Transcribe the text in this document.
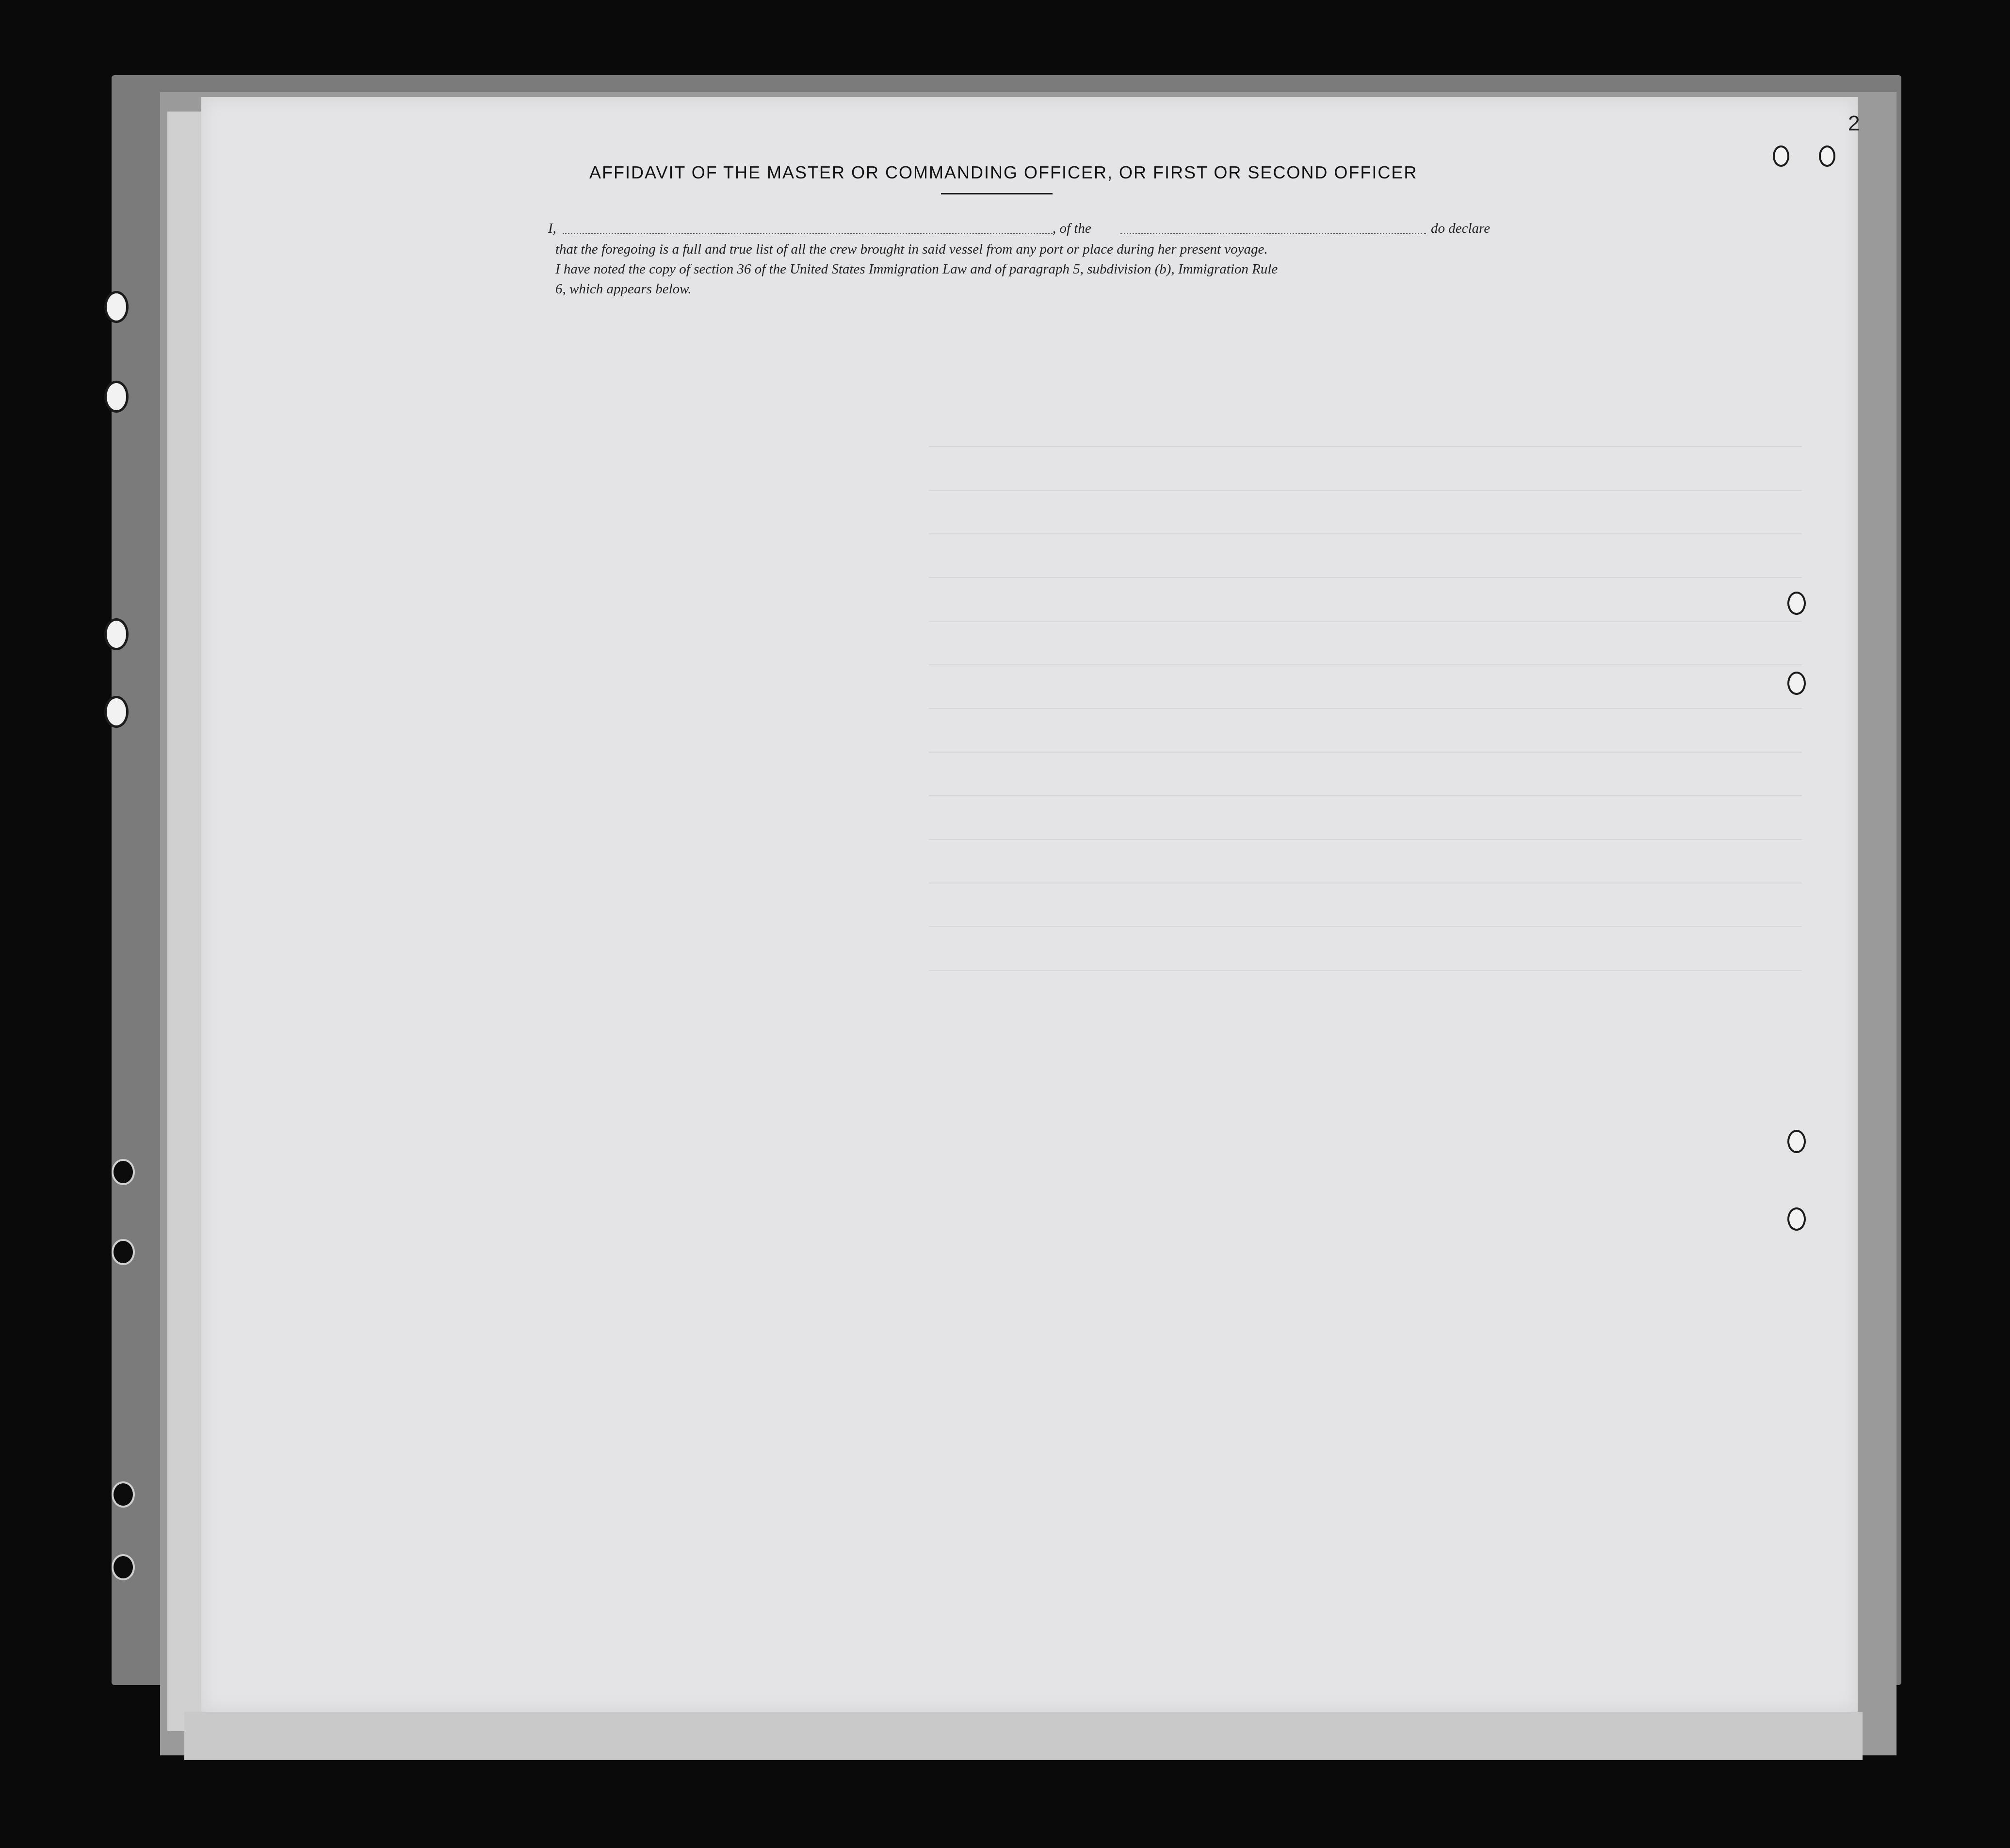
2
AFFIDAVIT OF THE MASTER OR COMMANDING OFFICER, OR FIRST OR SECOND OFFICER
I,	, of the	do declare
that the foregoing is a full and true list of all the crew brought in said vessel from any port or place during her present voyage.
I have noted the copy of section 36 of the United States Immigration Law and of paragraph 5, subdivision (b), Immigration Rule
6, which appears below.
